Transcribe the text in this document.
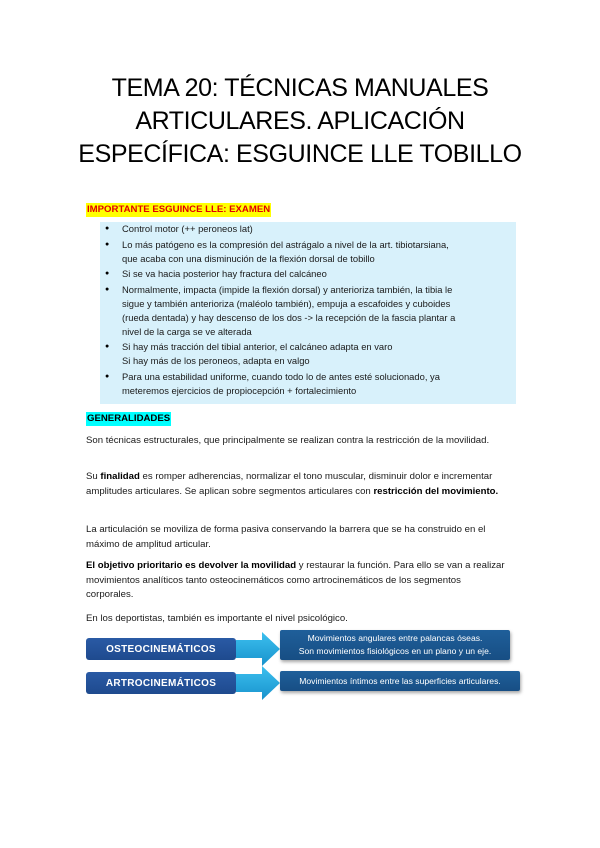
TEMA 20: TÉCNICAS MANUALES
ARTICULARES. APLICACIÓN
ESPECÍFICA: ESGUINCE LLE TOBILLO
IMPORTANTE ESGUINCE LLE: EXAMEN
● Control motor (++ peroneos lat)
● Lo más patógeno es la compresión del astrágalo a nivel de la art. tibiotarsiana,
que acaba con una disminución de la flexión dorsal de tobillo
● Si se va hacia posterior hay fractura del calcáneo
● Normalmente, impacta (impide la flexión dorsal) y anterioriza también, la tibia le
sigue y también anterioriza (maléolo también), empuja a escafoides y cuboides
(rueda dentada) y hay descenso de los dos -> la recepción de la fascia plantar a
nivel de la carga se ve alterada
● Si hay más tracción del tibial anterior, el calcáneo adapta en varo
Si hay más de los peroneos, adapta en valgo
● Para una estabilidad uniforme, cuando todo lo de antes esté solucionado, ya
meteremos ejercicios de propiocepción + fortalecimiento
GENERALIDADES

Son técnicas estructurales, que principalmente se realizan contra la restricción de la movilidad.

Su finalidad es romper adherencias, normalizar el tono muscular, disminuir dolor e incrementar amplitudes articulares. Se aplican sobre segmentos articulares con restricción del movimiento.

La articulación se moviliza de forma pasiva conservando la barrera que se ha construido en el máximo de amplitud articular.

El objetivo prioritario es devolver la movilidad y restaurar la función. Para ello se van a realizar movimientos analíticos tanto osteocinemáticos como artrocinemáticos de los segmentos corporales.

En los deportistas, también es importante el nivel psicológico.

OSTEOCINEMÁTICOS
Movimientos angulares entre palancas óseas.
Son movimientos fisiológicos en un plano y un eje.
ARTROCINEMÁTICOS	Movimientos íntimos entre las superficies articulares.
